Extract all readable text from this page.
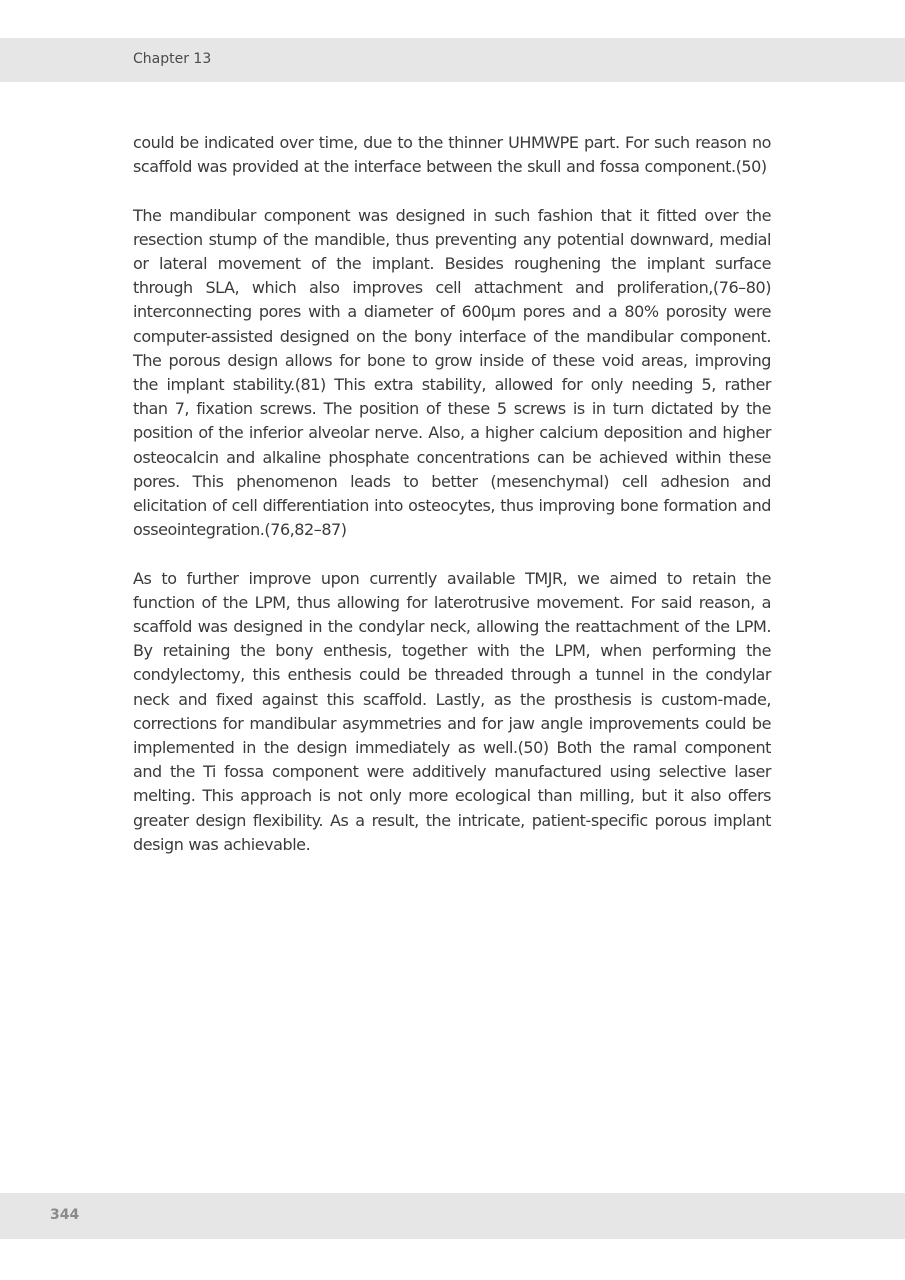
Chapter 13

could be indicated over time, due to the thinner UHMWPE part. For such reason no scaffold was provided at the interface between the skull and fossa component.(50)

The mandibular component was designed in such fashion that it fitted over the resection stump of the mandible, thus preventing any potential downward, medial or lateral movement of the implant. Besides roughening the implant surface through SLA, which also improves cell attachment and proliferation,(76–80) interconnecting pores with a diameter of 600μm pores and a 80% porosity were computer-assisted designed on the bony interface of the mandibular component. The porous design allows for bone to grow inside of these void areas, improving the implant stability.(81) This extra stability, allowed for only needing 5, rather than 7, fixation screws. The position of these 5 screws is in turn dictated by the position of the inferior alveolar nerve. Also, a higher calcium deposition and higher osteocalcin and alkaline phosphate concentrations can be achieved within these pores. This phenomenon leads to better (mesenchymal) cell adhesion and elicitation of cell differentiation into osteocytes, thus improving bone formation and osseointegration.(76,82–87)

As to further improve upon currently available TMJR, we aimed to retain the function of the LPM, thus allowing for laterotrusive movement. For said reason, a scaffold was designed in the condylar neck, allowing the reattachment of the LPM. By retaining the bony enthesis, together with the LPM, when performing the condylectomy, this enthesis could be threaded through a tunnel in the condylar neck and fixed against this scaffold. Lastly, as the prosthesis is custom-made, corrections for mandibular asymmetries and for jaw angle improvements could be implemented in the design immediately as well.(50) Both the ramal component and the Ti fossa component were additively manufactured using selective laser melting. This approach is not only more ecological than milling, but it also offers greater design flexibility. As a result, the intricate, patient-specific porous implant design was achievable.

344
